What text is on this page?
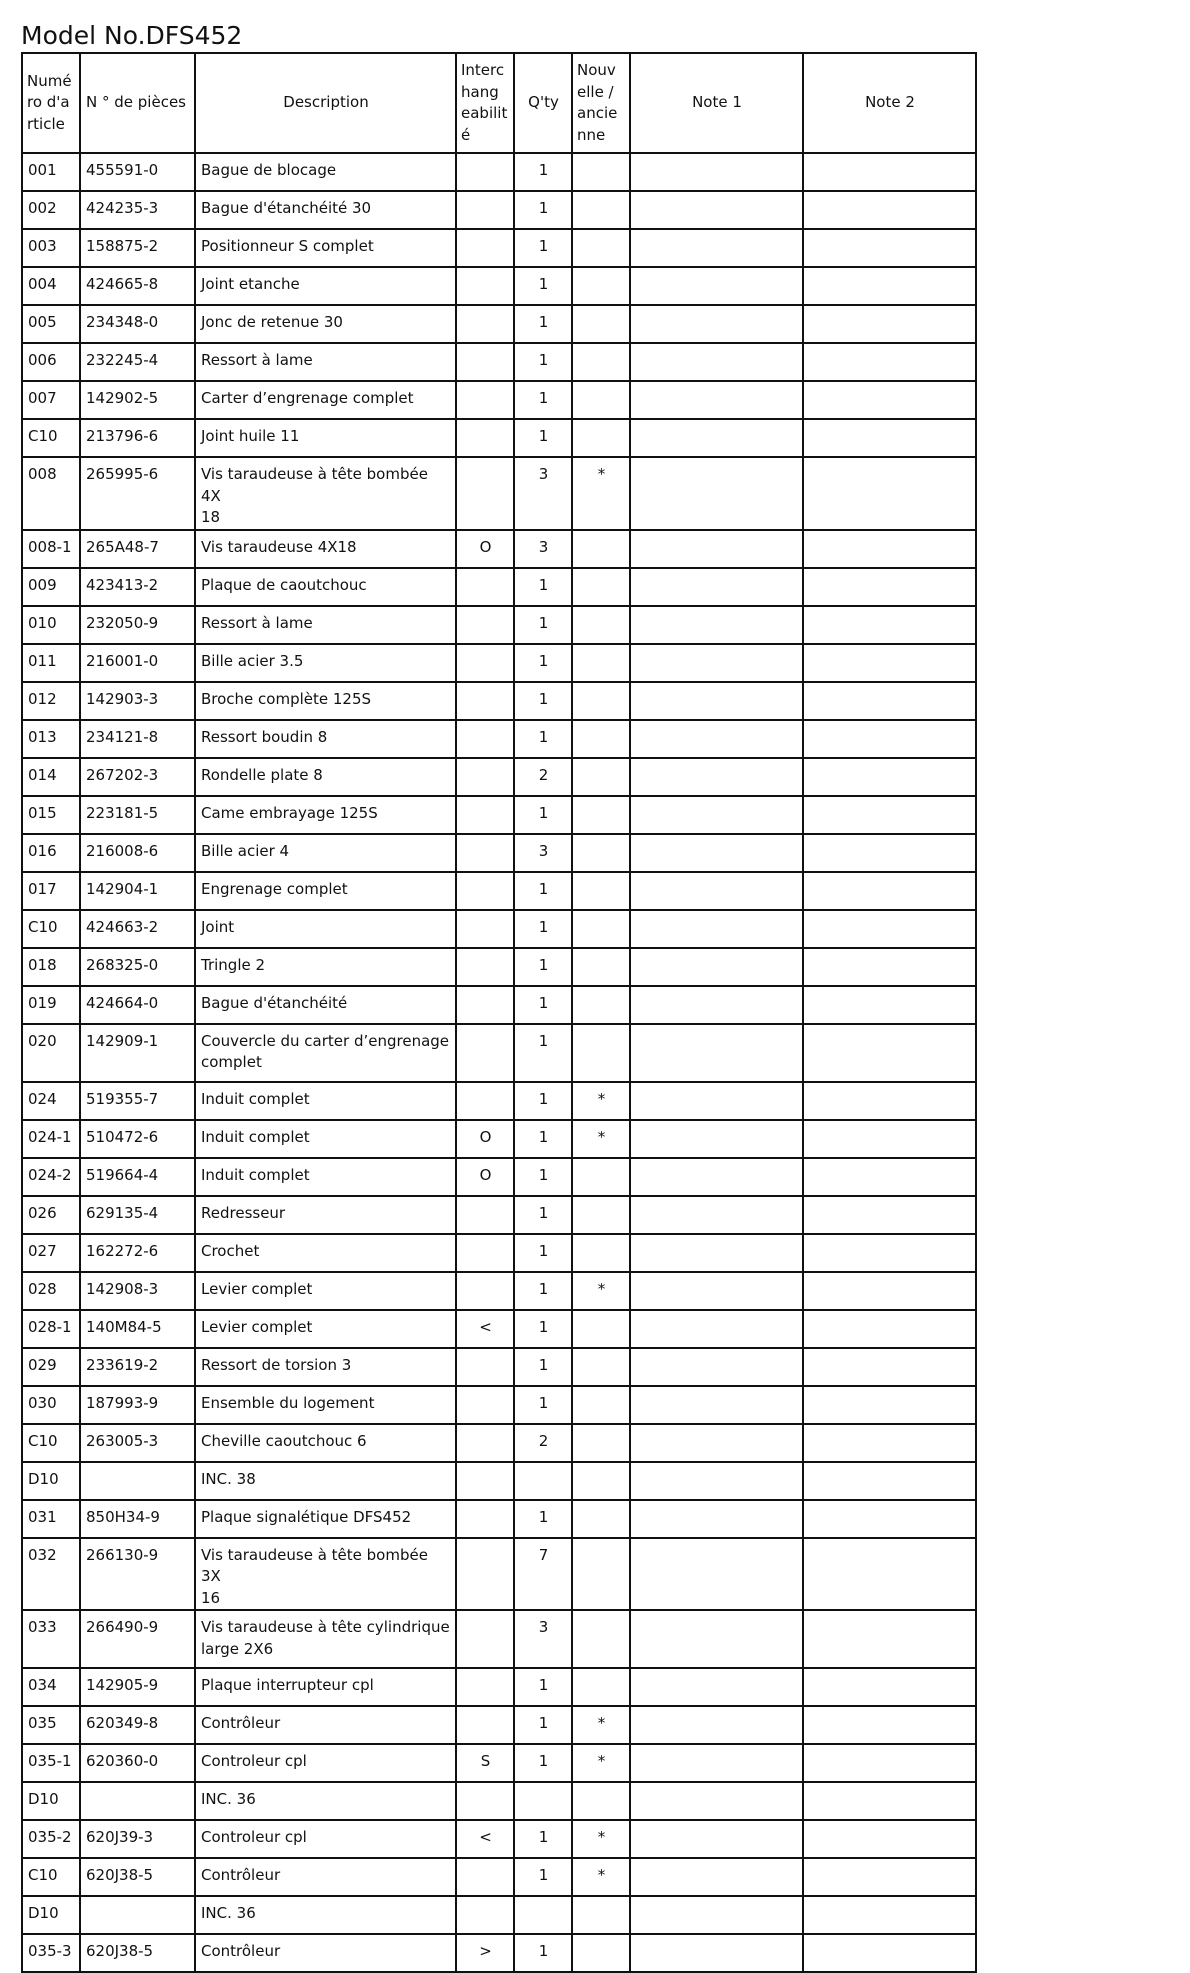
Model No.DFS452
Numé
ro d'a
rticle	N ° de pièces	Description	Interc
hang
eabilit
é	Q'ty	Nouv
elle /
ancie
nne	Note 1	Note 2
001	455591-0	Bague de blocage		1			
002	424235-3	Bague d'étanchéité 30		1			
003	158875-2	Positionneur S complet		1			
004	424665-8	Joint etanche		1			
005	234348-0	Jonc de retenue 30		1			
006	232245-4	Ressort à lame		1			
007	142902-5	Carter d’engrenage complet		1			
C10	213796-6	Joint huile 11		1			
008	265995-6	Vis taraudeuse à tête bombée 4X
18		3	*		
008-1	265A48-7	Vis taraudeuse 4X18	O	3			
009	423413-2	Plaque de caoutchouc		1			
010	232050-9	Ressort à lame		1			
011	216001-0	Bille acier 3.5		1			
012	142903-3	Broche complète 125S		1			
013	234121-8	Ressort boudin 8		1			
014	267202-3	Rondelle plate 8		2			
015	223181-5	Came embrayage 125S		1			
016	216008-6	Bille acier 4		3			
017	142904-1	Engrenage complet		1			
C10	424663-2	Joint		1			
018	268325-0	Tringle 2		1			
019	424664-0	Bague d'étanchéité		1			
020	142909-1	Couvercle du carter d’engrenage
complet		1			
024	519355-7	Induit complet		1	*		
024-1	510472-6	Induit complet	O	1	*		
024-2	519664-4	Induit complet	O	1			
026	629135-4	Redresseur		1			
027	162272-6	Crochet		1			
028	142908-3	Levier complet		1	*		
028-1	140M84-5	Levier complet	<	1			
029	233619-2	Ressort de torsion 3		1			
030	187993-9	Ensemble du logement		1			
C10	263005-3	Cheville caoutchouc 6		2			
D10		INC. 38					
031	850H34-9	Plaque signalétique DFS452		1			
032	266130-9	Vis taraudeuse à tête bombée 3X
16		7			
033	266490-9	Vis taraudeuse à tête cylindrique
large 2X6		3			
034	142905-9	Plaque interrupteur cpl		1			
035	620349-8	Contrôleur		1	*		
035-1	620360-0	Controleur cpl	S	1	*		
D10		INC. 36					
035-2	620J39-3	Controleur cpl	<	1	*		
C10	620J38-5	Contrôleur		1	*		
D10		INC. 36					
035-3	620J38-5	Contrôleur	>	1			
